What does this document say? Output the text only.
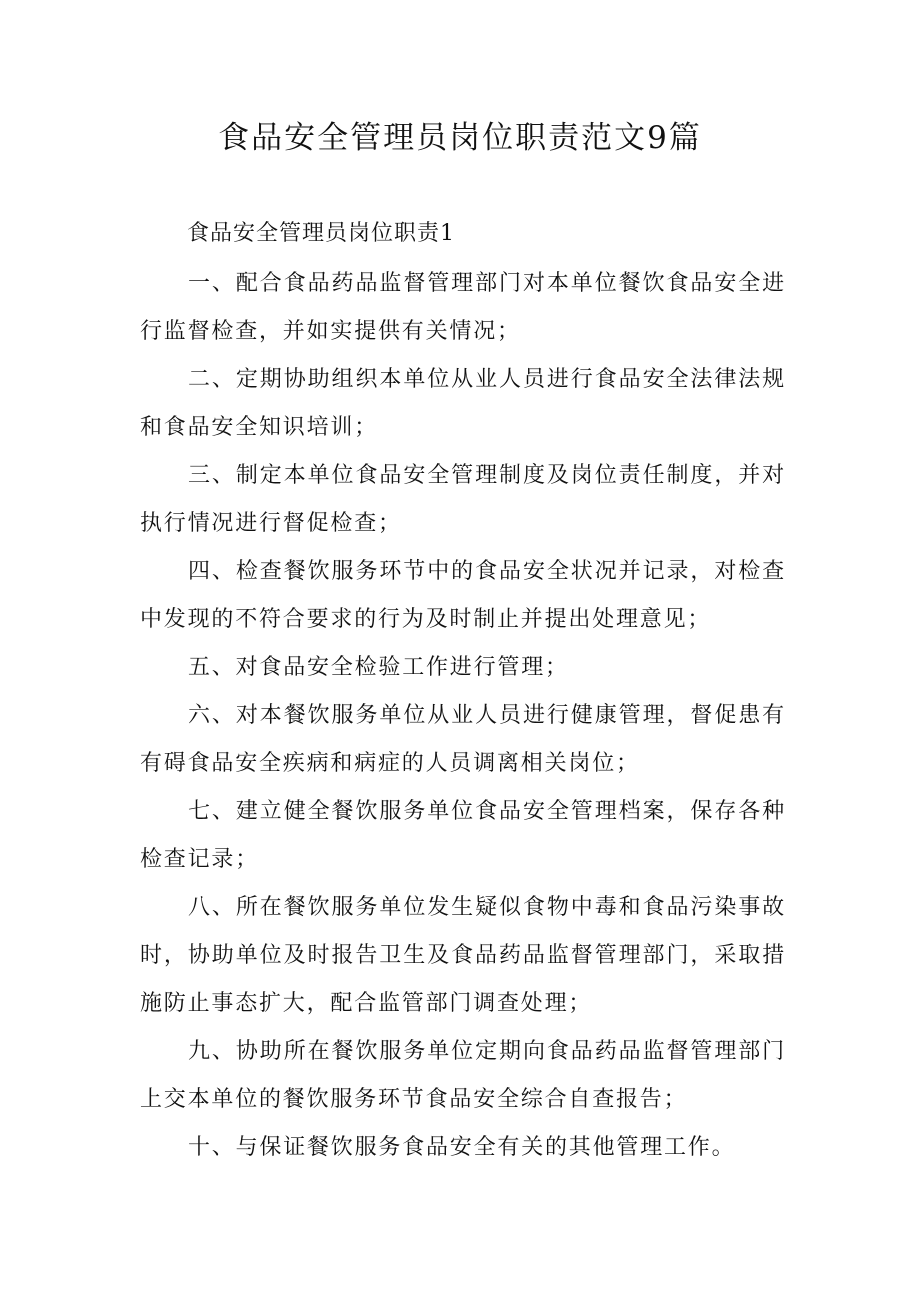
食品安全管理员岗位职责范文9篇
食品安全管理员岗位职责1

一、配合食品药品监督管理部门对本单位餐饮食品安全进行监督检查，并如实提供有关情况；

二、定期协助组织本单位从业人员进行食品安全法律法规和食品安全知识培训；

三、制定本单位食品安全管理制度及岗位责任制度，并对执行情况进行督促检查；

四、检查餐饮服务环节中的食品安全状况并记录，对检查中发现的不符合要求的行为及时制止并提出处理意见；

五、对食品安全检验工作进行管理；

六、对本餐饮服务单位从业人员进行健康管理，督促患有有碍食品安全疾病和病症的人员调离相关岗位；

七、建立健全餐饮服务单位食品安全管理档案，保存各种检查记录；

八、所在餐饮服务单位发生疑似食物中毒和食品污染事故时，协助单位及时报告卫生及食品药品监督管理部门，采取措施防止事态扩大，配合监管部门调查处理；

九、协助所在餐饮服务单位定期向食品药品监督管理部门上交本单位的餐饮服务环节食品安全综合自查报告；

十、与保证餐饮服务食品安全有关的其他管理工作。
